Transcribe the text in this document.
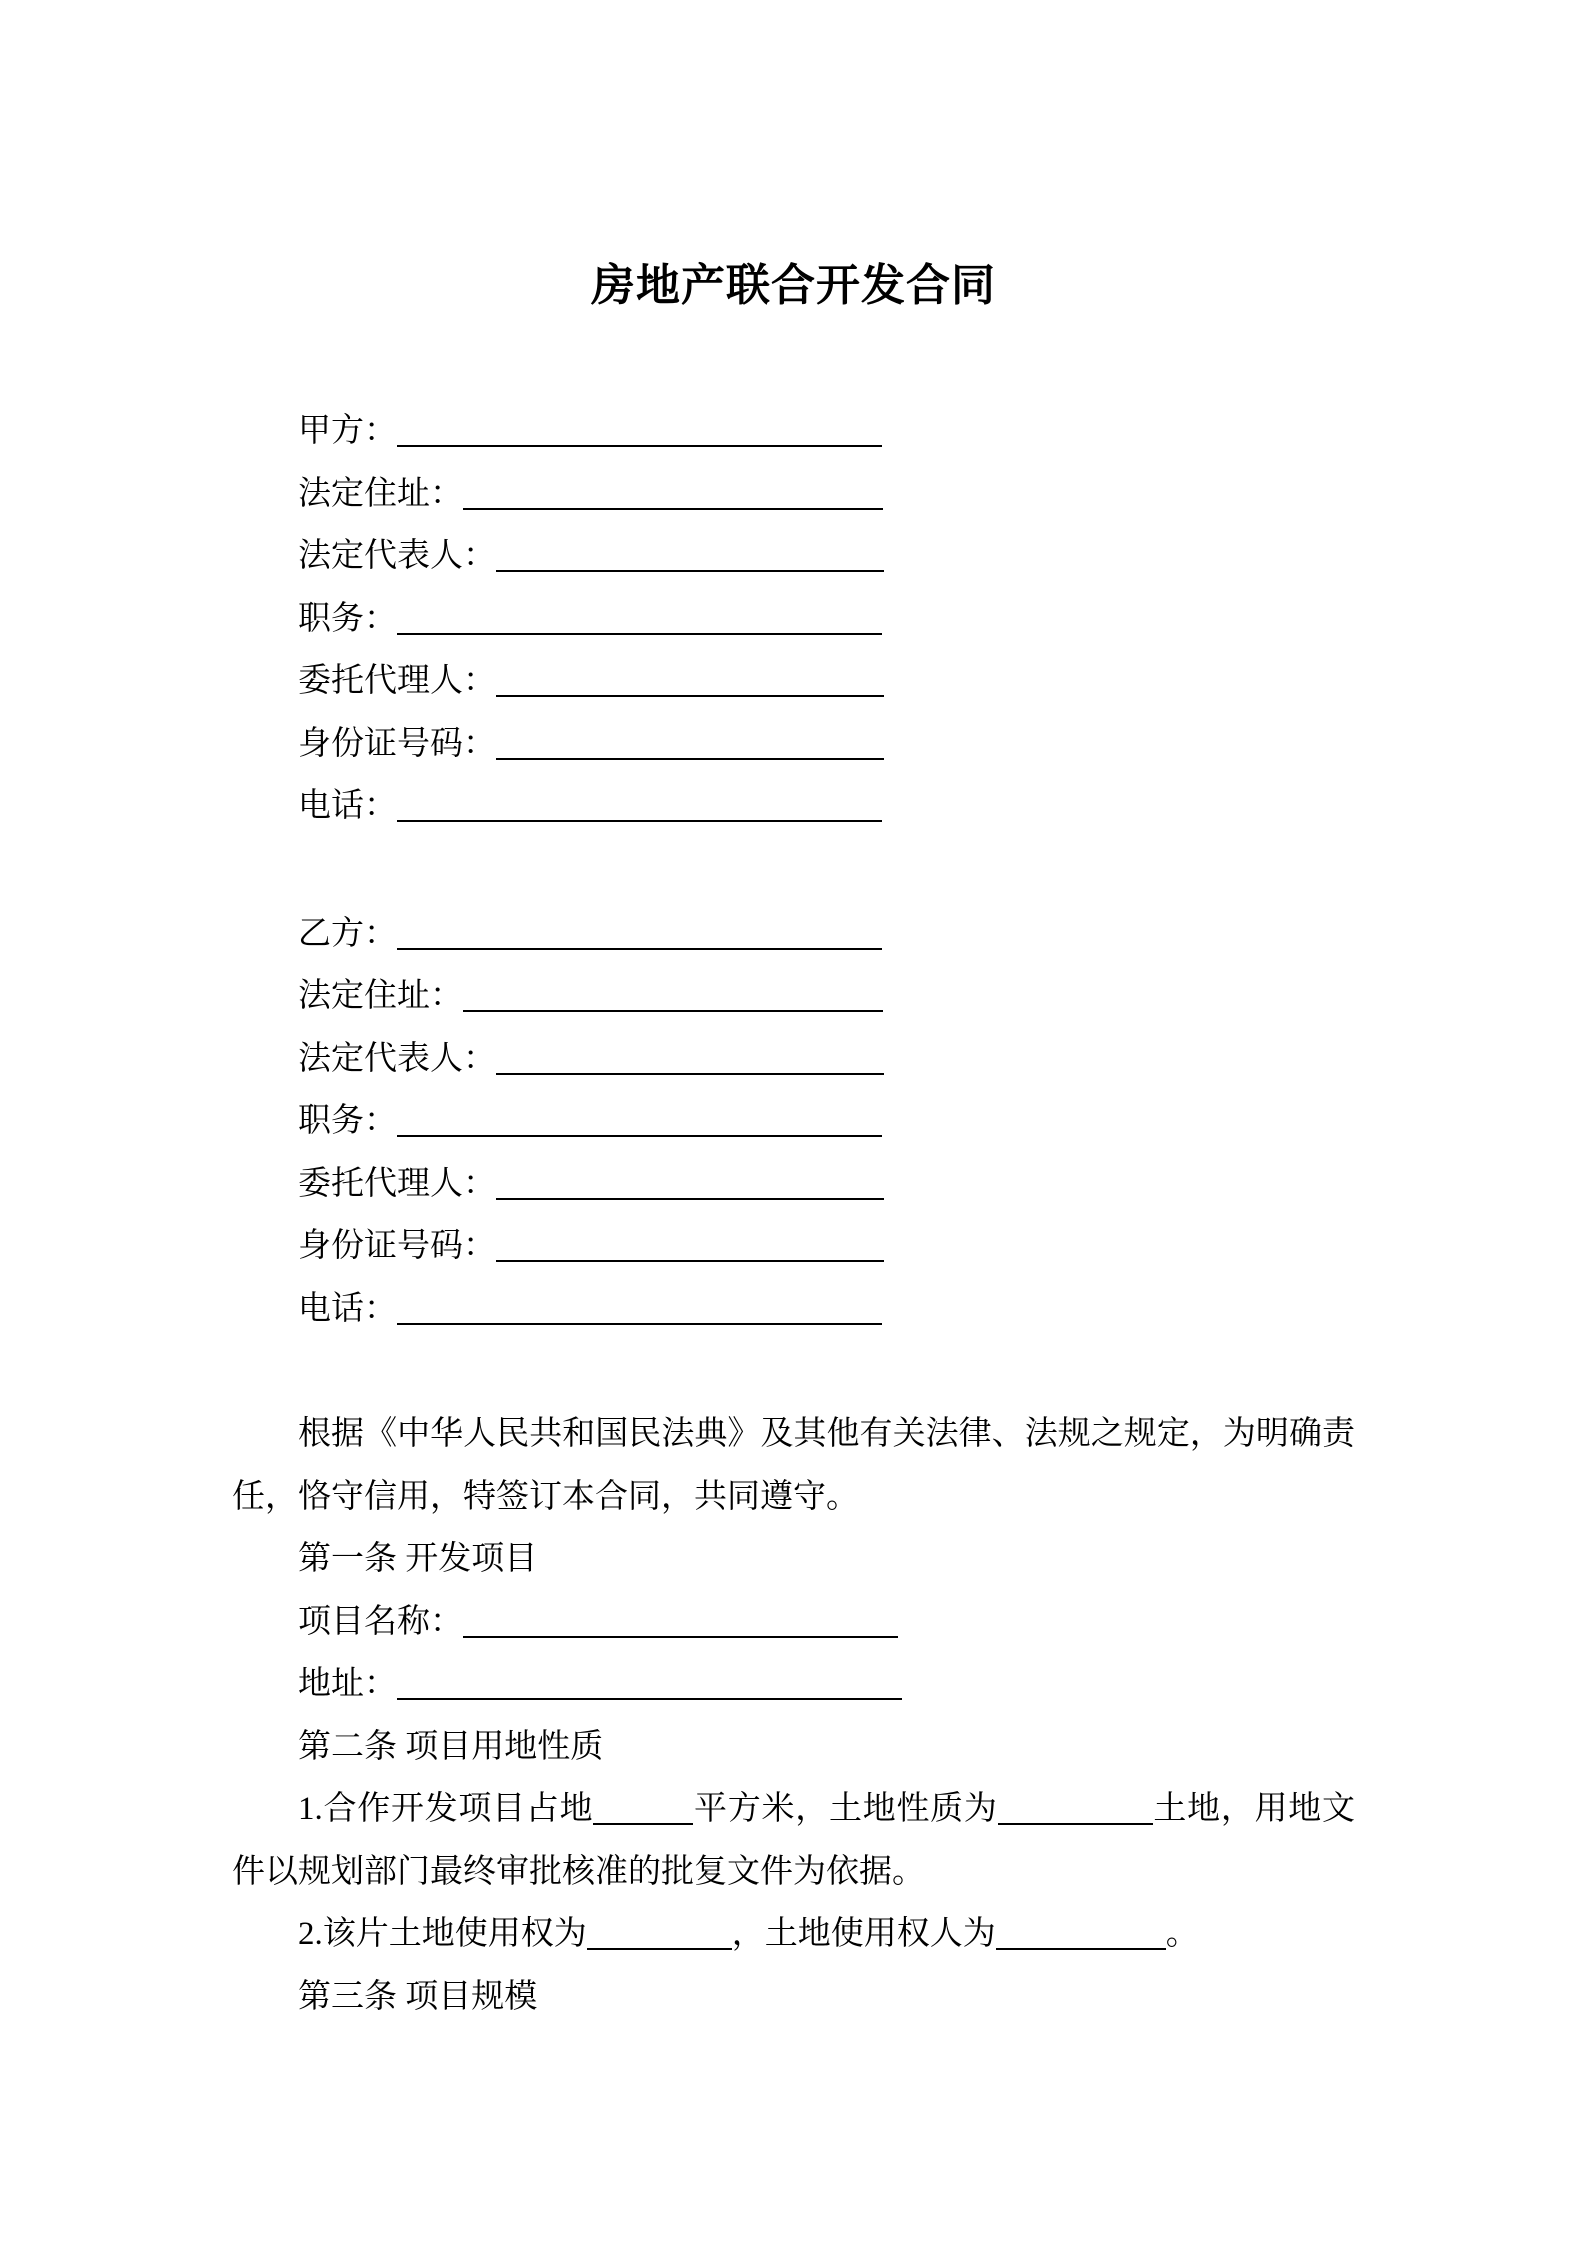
房地产联合开发合同
甲方：
法定住址：
法定代表人：
职务：
委托代理人：
身份证号码：
电话：
乙方：
法定住址：
法定代表人：
职务：
委托代理人：
身份证号码：
电话：

根据《中华人民共和国民法典》及其他有关法律、法规之规定，为明确责任，恪守信用，特签订本合同，共同遵守。

第一条 开发项目
项目名称：
地址：
第二条 项目用地性质

1.合作开发项目占地	平方米，土地性质为	土地，用地文件以规划部门最终审批核准的批复文件为依据。

2.该片土地使用权为	，土地使用权人为	。

第三条 项目规模
